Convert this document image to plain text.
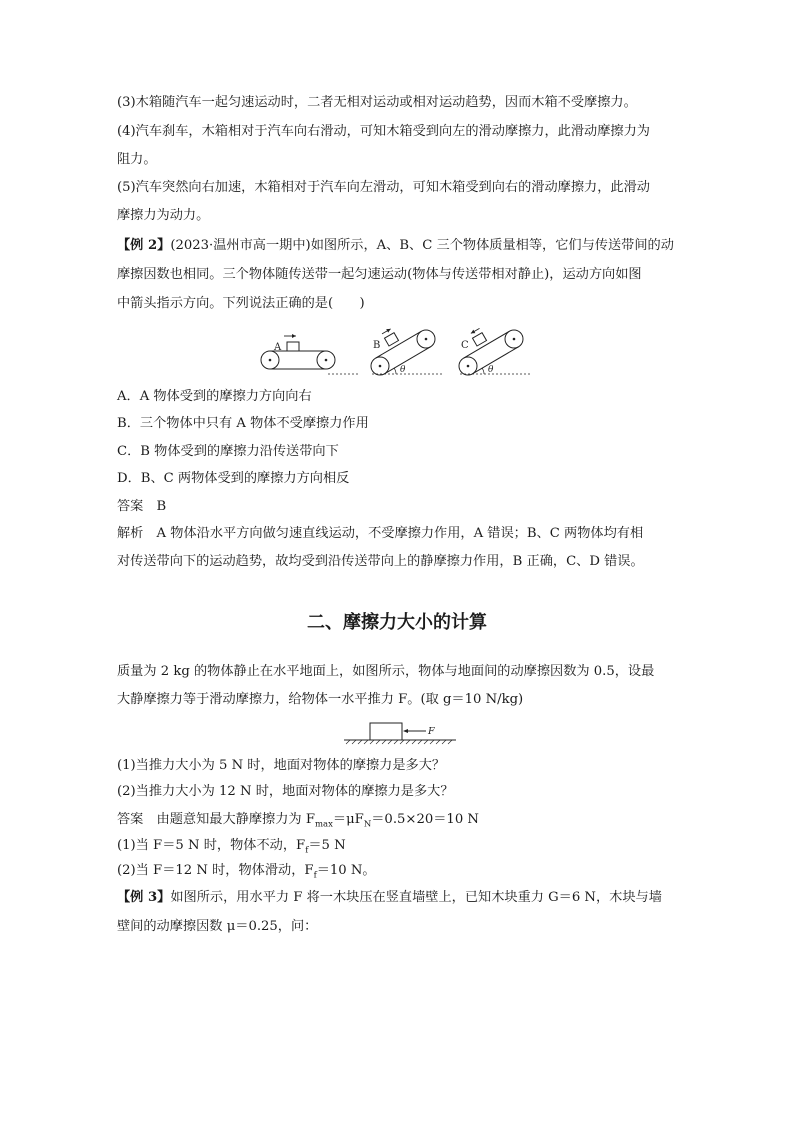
(3)木箱随汽车一起匀速运动时，二者无相对运动或相对运动趋势，因而木箱不受摩擦力。
(4)汽车刹车，木箱相对于汽车向右滑动，可知木箱受到向左的滑动摩擦力，此滑动摩擦力为
阻力。
(5)汽车突然向右加速，木箱相对于汽车向左滑动，可知木箱受到向右的滑动摩擦力，此滑动
摩擦力为动力。
【例 2】(2023·温州市高一期中)如图所示，A、B、C 三个物体质量相等，它们与传送带间的动
摩擦因数也相同。三个物体随传送带一起匀速运动(物体与传送带相对静止)，运动方向如图
中箭头指示方向。下列说法正确的是(　　)
A	B
θ
C
θ
A．A 物体受到的摩擦力方向向右
B．三个物体中只有 A 物体不受摩擦力作用
C．B 物体受到的摩擦力沿传送带向下
D．B、C 两物体受到的摩擦力方向相反
答案　B
解析　A 物体沿水平方向做匀速直线运动，不受摩擦力作用，A 错误；B、C 两物体均有相
对传送带向下的运动趋势，故均受到沿传送带向上的静摩擦力作用，B 正确，C、D 错误。
二、摩擦力大小的计算
质量为 2 kg 的物体静止在水平地面上，如图所示，物体与地面间的动摩擦因数为 0.5，设最
大静摩擦力等于滑动摩擦力，给物体一水平推力 F。(取 g＝10 N/kg)
F
(1)当推力大小为 5 N 时，地面对物体的摩擦力是多大？
(2)当推力大小为 12 N 时，地面对物体的摩擦力是多大？
答案　由题意知最大静摩擦力为 $F_{max}=\mu F_N=0.5\times 20=10$ N
(1)当 F＝5 N 时，物体不动，$F_f=5$ N
(2)当 F＝12 N 时，物体滑动，$F_f=10$ N。
【例 3】如图所示，用水平力 F 将一木块压在竖直墙壁上，已知木块重力 G＝6 N，木块与墙
壁间的动摩擦因数 μ＝0.25，问：
